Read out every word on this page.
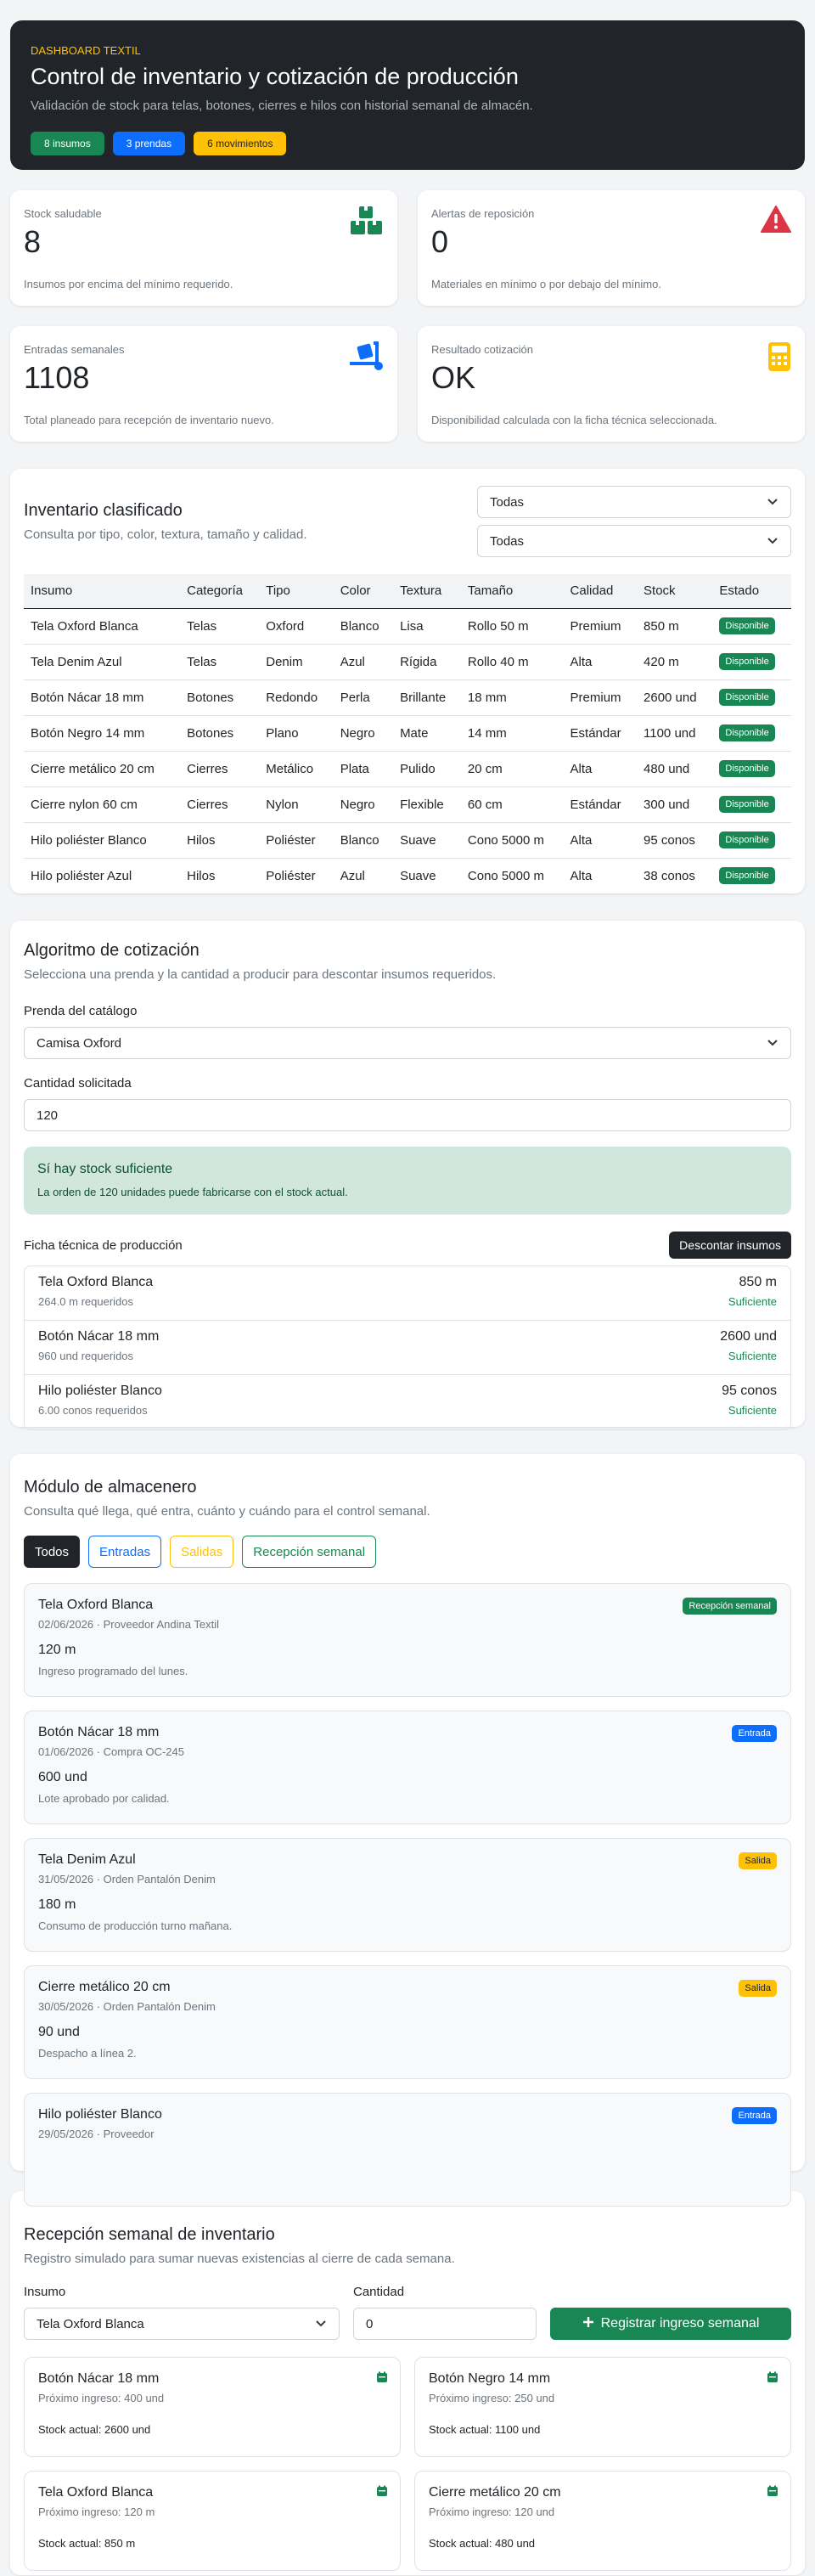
DASHBOARD TEXTIL
Control de inventario y cotización de producción
Validación de stock para telas, botones, cierres e hilos con historial semanal de almacén.
8 insumos	3 prendas	6 movimientos
Stock saludable
8
Insumos por encima del mínimo requerido.
Alertas de reposición
0
Materiales en mínimo o por debajo del mínimo.
Entradas semanales
1108
Total planeado para recepción de inventario nuevo.
Resultado cotización
OK
Disponibilidad calculada con la ficha técnica seleccionada.
Inventario clasificado
Consulta por tipo, color, textura, tamaño y calidad.
Todas
Todas
Insumo	Categoría	Tipo	Color	Textura	Tamaño	Calidad	Stock	Estado
Tela Oxford Blanca	Telas	Oxford	Blanco	Lisa	Rollo 50 m	Premium	850 m	Disponible
Tela Denim Azul	Telas	Denim	Azul	Rígida	Rollo 40 m	Alta	420 m	Disponible
Botón Nácar 18 mm	Botones	Redondo	Perla	Brillante	18 mm	Premium	2600 und	Disponible
Botón Negro 14 mm	Botones	Plano	Negro	Mate	14 mm	Estándar	1100 und	Disponible
Cierre metálico 20 cm	Cierres	Metálico	Plata	Pulido	20 cm	Alta	480 und	Disponible
Cierre nylon 60 cm	Cierres	Nylon	Negro	Flexible	60 cm	Estándar	300 und	Disponible
Hilo poliéster Blanco	Hilos	Poliéster	Blanco	Suave	Cono 5000 m	Alta	95 conos	Disponible
Hilo poliéster Azul	Hilos	Poliéster	Azul	Suave	Cono 5000 m	Alta	38 conos	Disponible
Algoritmo de cotización
Selecciona una prenda y la cantidad a producir para descontar insumos requeridos.
Prenda del catálogo
Camisa Oxford
Cantidad solicitada
120
Sí hay stock suficiente
La orden de 120 unidades puede fabricarse con el stock actual.
Ficha técnica de producción	Descontar insumos
Tela Oxford Blanca
264.0 m requeridos
850 m
Suficiente
Botón Nácar 18 mm
960 und requeridos
2600 und
Suficiente
Hilo poliéster Blanco
6.00 conos requeridos
95 conos
Suficiente
Módulo de almacenero
Consulta qué llega, qué entra, cuánto y cuándo para el control semanal.
Todos	Entradas	Salidas	Recepción semanal
Tela Oxford Blanca
02/06/2026 · Proveedor Andina Textil
120 m
Ingreso programado del lunes.
Recepción semanal
Botón Nácar 18 mm
01/06/2026 · Compra OC-245
600 und
Lote aprobado por calidad.
Entrada
Tela Denim Azul
31/05/2026 · Orden Pantalón Denim
180 m
Consumo de producción turno mañana.
Salida
Cierre metálico 20 cm
30/05/2026 · Orden Pantalón Denim
90 und
Despacho a línea 2.
Salida
Hilo poliéster Blanco
29/05/2026 · Proveedor
Entrada
Recepción semanal de inventario
Registro simulado para sumar nuevas existencias al cierre de cada semana.
Insumo
Tela Oxford Blanca
Cantidad
0	Registrar ingreso semanal
Botón Nácar 18 mm
Próximo ingreso: 400 und
Stock actual: 2600 und
Botón Negro 14 mm
Próximo ingreso: 250 und
Stock actual: 1100 und
Tela Oxford Blanca
Próximo ingreso: 120 m
Stock actual: 850 m
Cierre metálico 20 cm
Próximo ingreso: 120 und
Stock actual: 480 und
